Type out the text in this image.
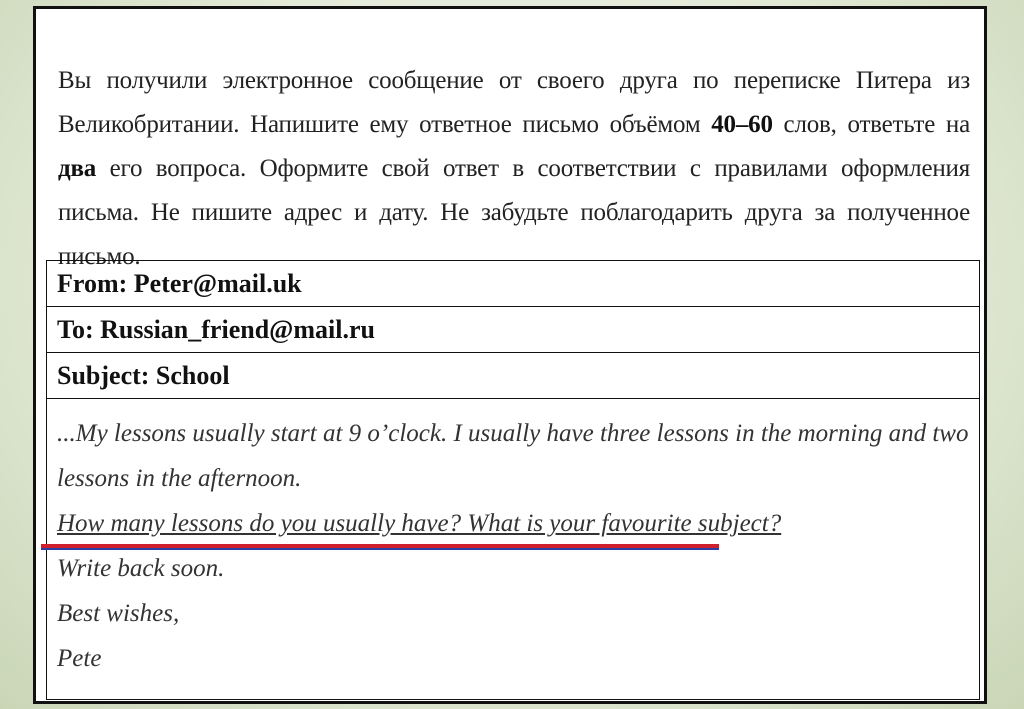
Вы получили электронное сообщение от своего друга по переписке Питера из Великобритании. Напишите ему ответное письмо объёмом 40–60 слов, ответьте на два его вопроса. Оформите свой ответ в соответствии с правилами оформления письма. Не пишите адрес и дату. Не забудьте поблагодарить друга за полученное письмо.
From: Peter@mail.uk
To: Russian_friend@mail.ru
Subject: School

...My lessons usually start at 9 o’clock. I usually have three lessons in the morning and two lessons in the afternoon.

How many lessons do you usually have? What is your favourite subject?

Write back soon.

Best wishes,

Pete
